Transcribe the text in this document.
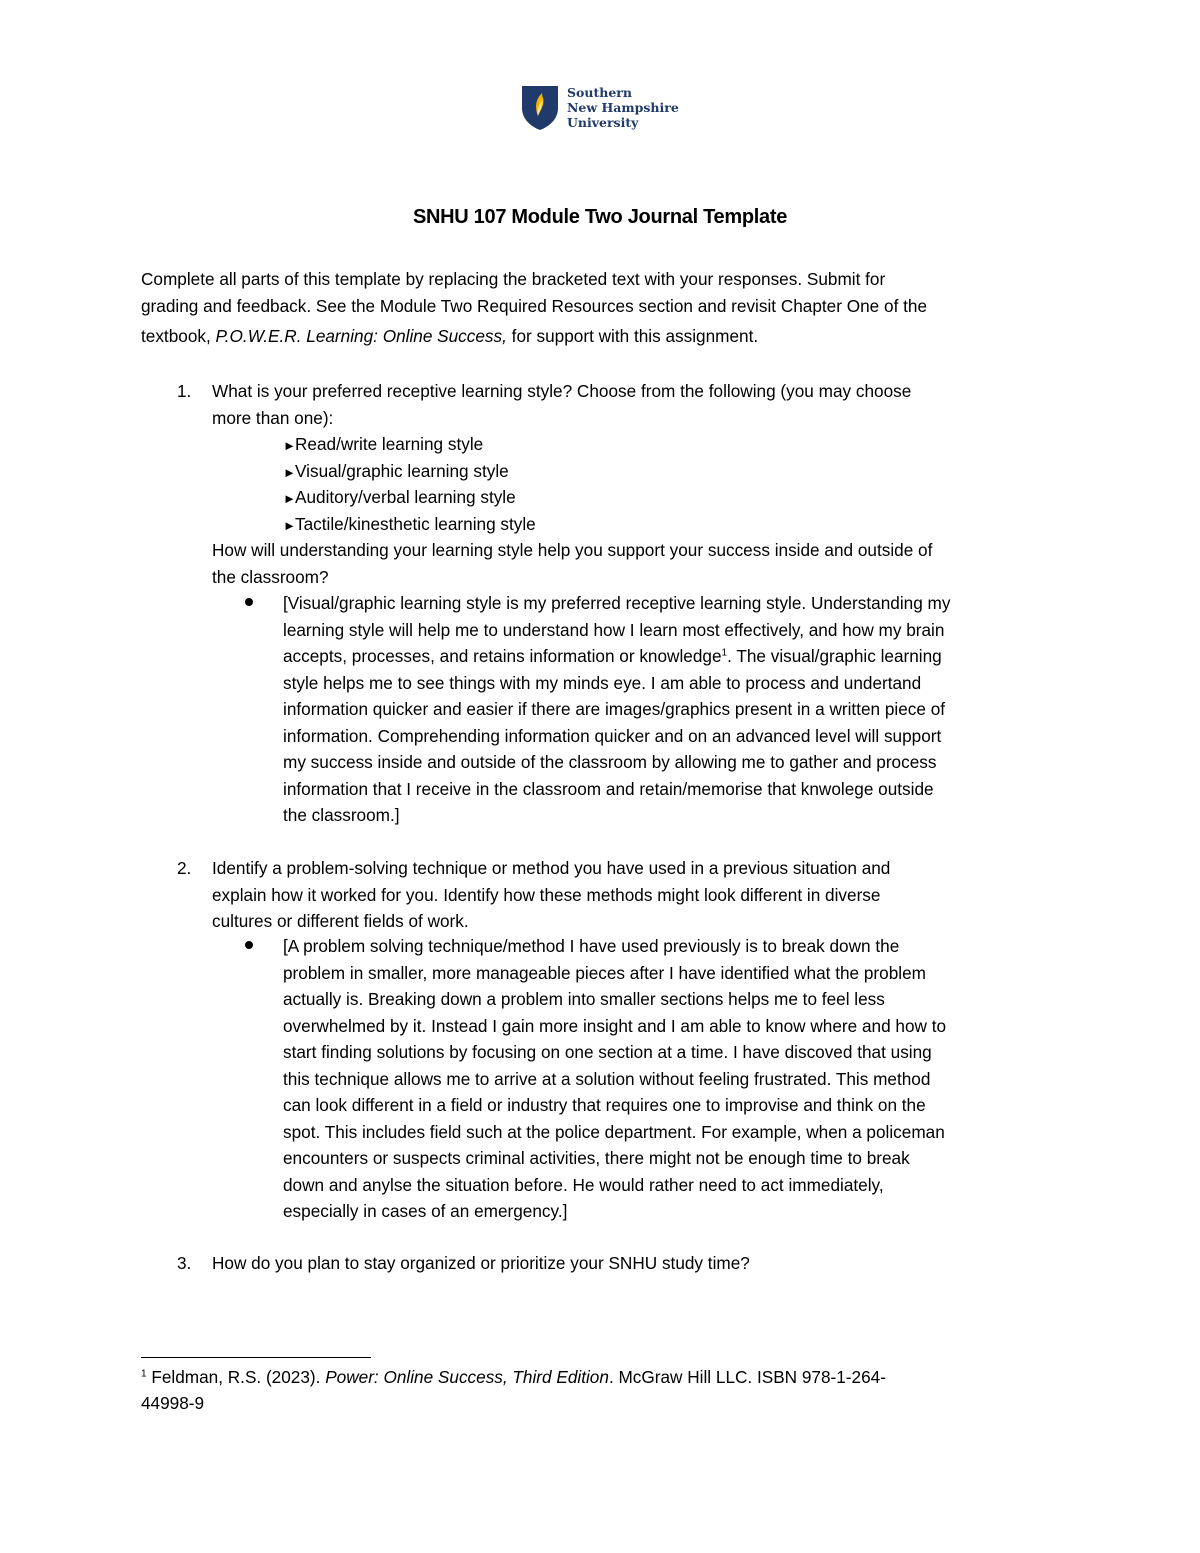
Southern
New Hampshire
University
SNHU 107 Module Two Journal Template

Complete all parts of this template by replacing the bracketed text with your responses. Submit for

grading and feedback. See the Module Two Required Resources section and revisit Chapter One of the

textbook, P.O.W.E.R. Learning: Online Success, for support with this assignment.

1. What is your preferred receptive learning style? Choose from the following (you may choose

more than one):

►Read/write learning style
►Visual/graphic learning style
►Auditory/verbal learning style
►Tactile/kinesthetic learning style

How will understanding your learning style help you support your success inside and outside of

the classroom?

[Visual/graphic learning style is my preferred receptive learning style. Understanding my

learning style will help me to understand how I learn most effectively, and how my brain

accepts, processes, and retains information or knowledge$^1$. The visual/graphic learning

style helps me to see things with my minds eye. I am able to process and undertand

information quicker and easier if there are images/graphics present in a written piece of

information. Comprehending information quicker and on an advanced level will support

my success inside and outside of the classroom by allowing me to gather and process

information that I receive in the classroom and retain/memorise that knwolege outside

the classroom.]

2. Identify a problem-solving technique or method you have used in a previous situation and

explain how it worked for you. Identify how these methods might look different in diverse

cultures or different fields of work.

[A problem solving technique/method I have used previously is to break down the

problem in smaller, more manageable pieces after I have identified what the problem

actually is. Breaking down a problem into smaller sections helps me to feel less

overwhelmed by it. Instead I gain more insight and I am able to know where and how to

start finding solutions by focusing on one section at a time. I have discoved that using

this technique allows me to arrive at a solution without feeling frustrated. This method

can look different in a field or industry that requires one to improvise and think on the

spot. This includes field such at the police department. For example, when a policeman

encounters or suspects criminal activities, there might not be enough time to break

down and anylse the situation before. He would rather need to act immediately,

especially in cases of an emergency.]

3. How do you plan to stay organized or prioritize your SNHU study time?

$^1$ Feldman, R.S. (2023). Power: Online Success, Third Edition. McGraw Hill LLC. ISBN 978-1-264-
44998-9
